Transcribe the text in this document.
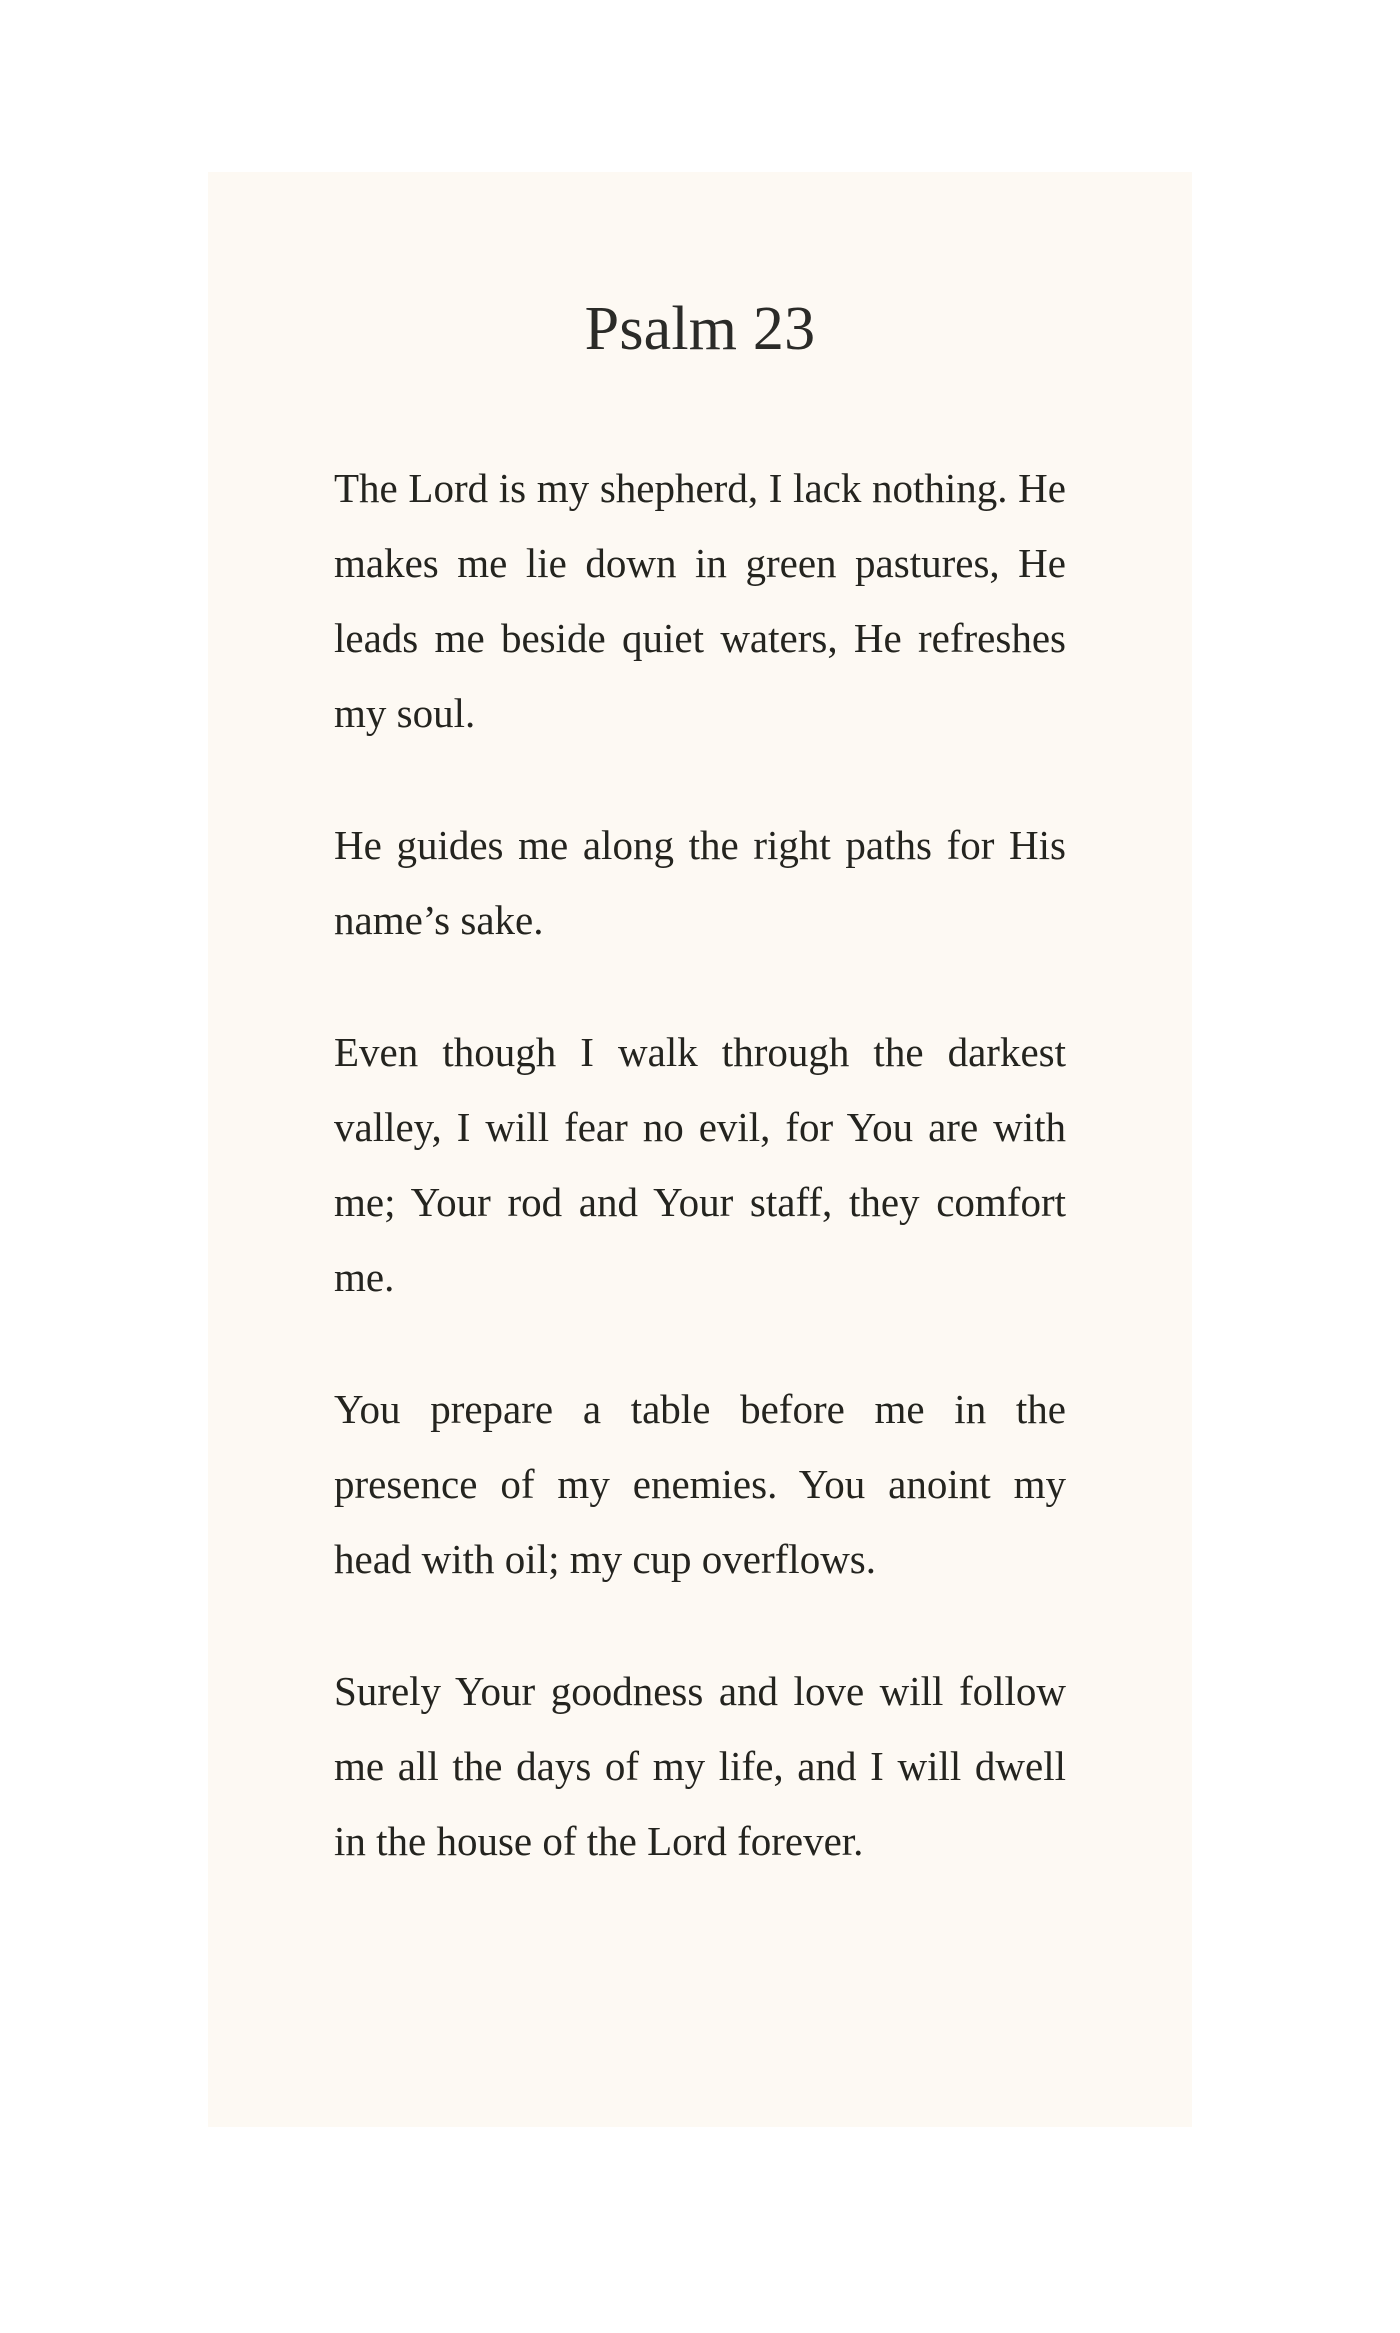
Psalm 23

The Lord is my shepherd, I lack nothing. He makes me lie down in green pastures, He leads me beside quiet waters, He refreshes my soul.

He guides me along the right paths for His name’s sake.

Even though I walk through the darkest valley, I will fear no evil, for You are with me; Your rod and Your staff, they comfort me.

You prepare a table before me in the presence of my enemies. You anoint my head with oil; my cup overflows.

Surely Your goodness and love will follow me all the days of my life, and I will dwell in the house of the Lord forever.
